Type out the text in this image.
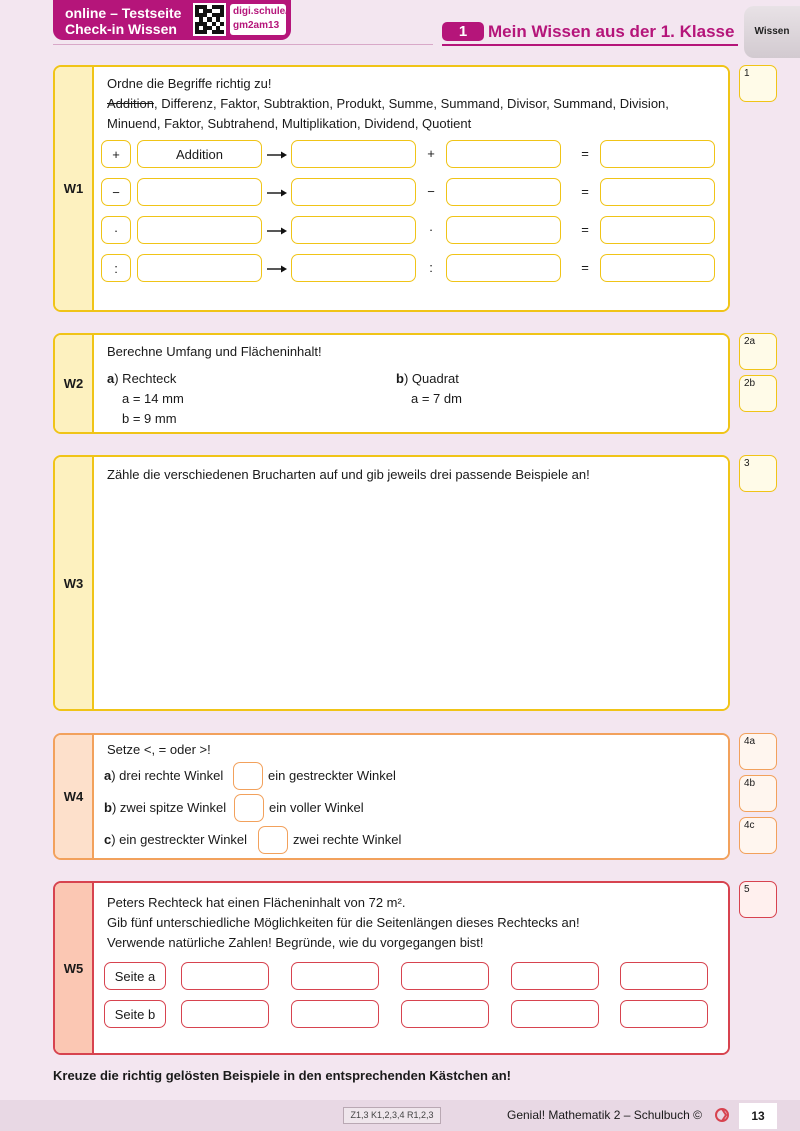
online – Testseite
Check-in Wissen
digi.schule/
gm2am13	1	Mein Wissen aus der 1. Klasse	Wissen
W1
Ordne die Begriffe richtig zu!
Addition, Differenz, Faktor, Subtraktion, Produkt, Summe, Summand, Divisor, Summand, Division,
Minuend, Faktor, Subtrahend, Multiplikation, Dividend, Quotient
+	Addition	+	=
−	−	=
·	·	=
:	:	=
W2
Berechne Umfang und Flächeninhalt!
a) Rechteck
a = 14 mm
b = 9 mm
b) Quadrat
a = 7 dm
W3
Zähle die verschiedenen Brucharten auf und gib jeweils drei passende Beispiele an!
W4
Setze <, = oder >!
a) drei rechte Winkel	ein gestreckter Winkel
b) zwei spitze Winkel	ein voller Winkel
c) ein gestreckter Winkel	zwei rechte Winkel
W5
Peters Rechteck hat einen Flächeninhalt von 72 m².
Gib fünf unterschiedliche Möglichkeiten für die Seitenlängen dieses Rechtecks an!
Verwende natürliche Zahlen! Begründe, wie du vorgegangen bist!
Seite a
Seite b
1
2a
2b
3
4a
4b
4c
5
Kreuze die richtig gelösten Beispiele in den entsprechenden Kästchen an!
Z1,3 K1,2,3,4 R1,2,3	Genial! Mathematik 2 – Schulbuch ©	13
